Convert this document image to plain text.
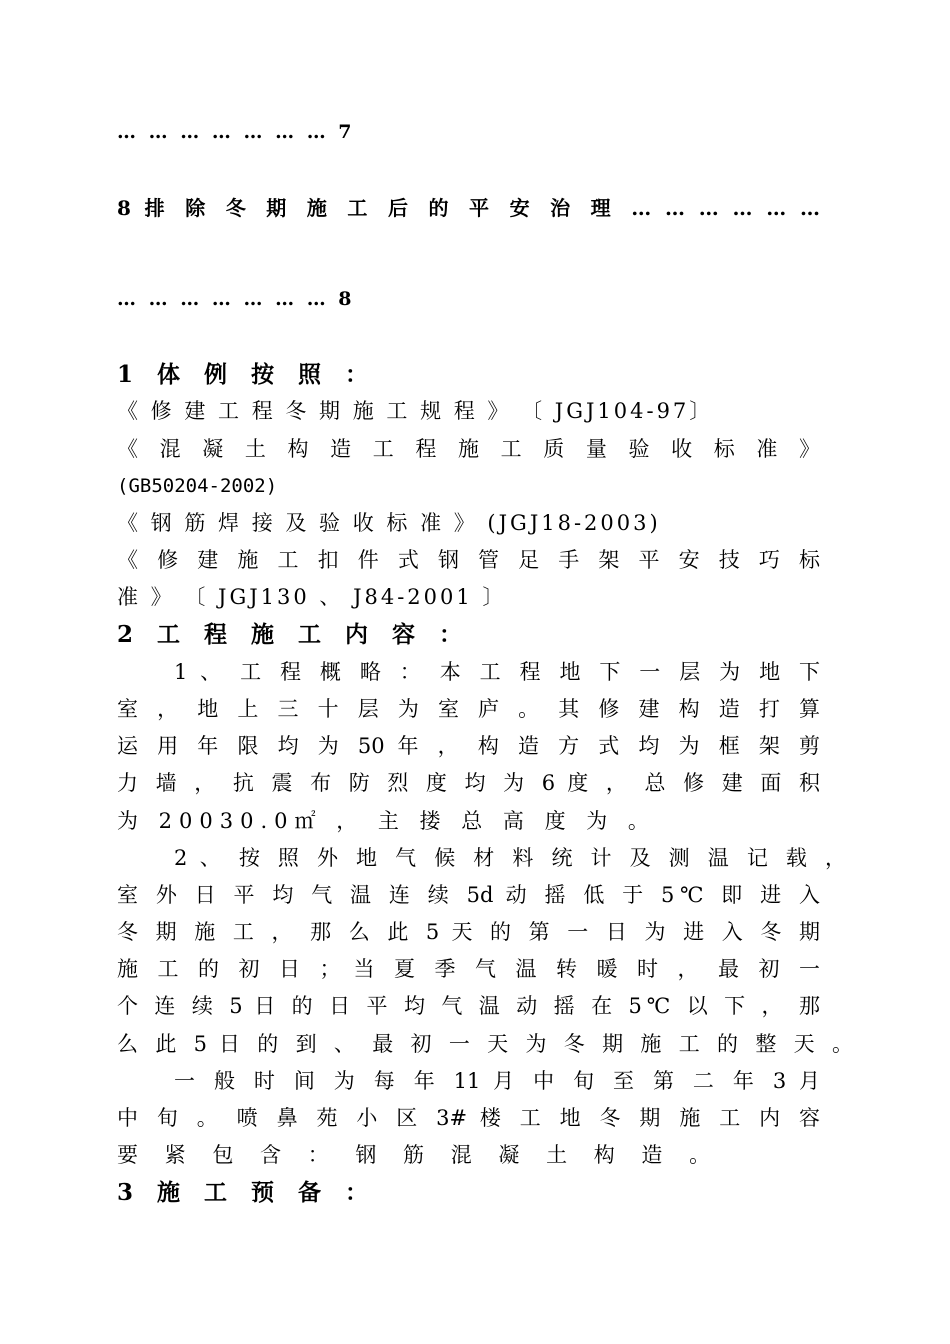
… … … … … … … 7
8 排 除 冬 期 施 工 后 的 平 安 治 理 … … … … … …
… … … … … … … 8
1 体 例 按 照 ：
《 修 建 工 程 冬 期 施 工 规 程 》 〔 JGJ104-97〕
《 混 凝 土 构 造 工 程 施 工 质 量 验 收 标 准 》
(GB50204-2002)
《 钢 筋 焊 接 及 验 收 标 准 》 (JGJ18-2003)
《 修 建 施 工 扣 件 式 钢 管 足 手 架 平 安 技 巧 标
准 》 〔 JGJ130 、 J84-2001 〕
2 工 程 施 工 内 容 ：
1 、 工 程 概 略 ： 本 工 程 地 下 一 层 为 地 下
室 ， 地 上 三 十 层 为 室 庐 。 其 修 建 构 造 打 算
运 用 年 限 均 为 50 年 ， 构 造 方 式 均 为 框 架 剪
力 墙 ， 抗 震 布 防 烈 度 均 为 6 度 ， 总 修 建 面 积
为 20030.0㎡ ， 主 搂 总 高 度 为 。
2 、 按 照 外 地 气 候 材 料 统 计 及 测 温 记 载 ，
室 外 日 平 均 气 温 连 续 5d 动 摇 低 于 5℃ 即 进 入
冬 期 施 工 ， 那 么 此 5 天 的 第 一 日 为 进 入 冬 期
施 工 的 初 日 ； 当 夏 季 气 温 转 暖 时 ， 最 初 一
个 连 续 5 日 的 日 平 均 气 温 动 摇 在 5℃ 以 下 ， 那
么 此 5 日 的 到 、 最 初 一 天 为 冬 期 施 工 的 整 天 。
一 般 时 间 为 每 年 11 月 中 旬 至 第 二 年 3 月
中 旬 。 喷 鼻 苑 小 区 3# 楼 工 地 冬 期 施 工 内 容
要 紧 包 含 ： 钢 筋 混 凝 土 构 造 。
3 施 工 预 备 ：
